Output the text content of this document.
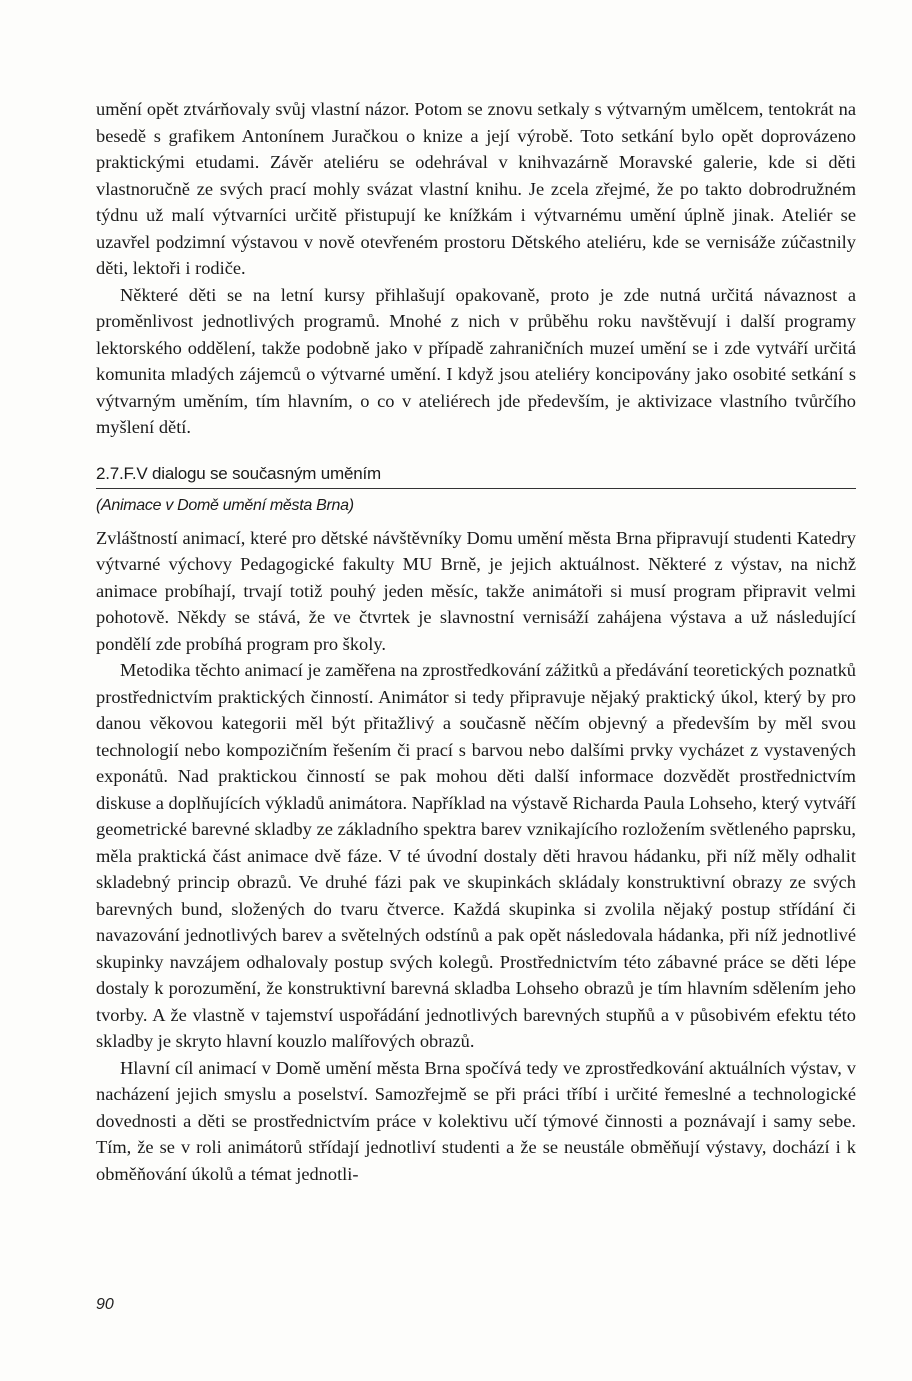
umění opět ztvárňovaly svůj vlastní názor. Potom se znovu setkaly s výtvarným umělcem, tentokrát na besedě s grafikem Antonínem Juračkou o knize a její výrobě. Toto setkání bylo opět doprovázeno praktickými etudami. Závěr ateliéru se odehrával v knihvazárně Moravské galerie, kde si děti vlastnoručně ze svých prací mohly svázat vlastní knihu. Je zcela zřejmé, že po takto dobrodružném týdnu už malí výtvarníci určitě přistupují ke knížkám i výtvarnému umění úplně jinak. Ateliér se uzavřel podzimní výstavou v nově otevřeném prostoru Dětského ateliéru, kde se vernisáže zúčastnily děti, lektoři i rodiče.

Některé děti se na letní kursy přihlašují opakovaně, proto je zde nutná určitá návaznost a proměnlivost jednotlivých programů. Mnohé z nich v průběhu roku navštěvují i další programy lektorského oddělení, takže podobně jako v případě zahraničních muzeí umění se i zde vytváří určitá komunita mladých zájemců o výtvarné umění. I když jsou ateliéry koncipovány jako osobité setkání s výtvarným uměním, tím hlavním, o co v ateliérech jde především, je aktivizace vlastního tvůrčího myšlení dětí.

2.7.F.V dialogu se současným uměním
(Animace v Domě umění města Brna)

Zvláštností animací, které pro dětské návštěvníky Domu umění města Brna připravují studenti Katedry výtvarné výchovy Pedagogické fakulty MU Brně, je jejich aktuálnost. Některé z výstav, na nichž animace probíhají, trvají totiž pouhý jeden měsíc, takže animátoři si musí program připravit velmi pohotově. Někdy se stává, že ve čtvrtek je slavnostní vernisáží zahájena výstava a už následující pondělí zde probíhá program pro školy.

Metodika těchto animací je zaměřena na zprostředkování zážitků a předávání teoretických poznatků prostřednictvím praktických činností. Animátor si tedy připravuje nějaký praktický úkol, který by pro danou věkovou kategorii měl být přitažlivý a současně něčím objevný a především by měl svou technologií nebo kompozičním řešením či prací s barvou nebo dalšími prvky vycházet z vystavených exponátů. Nad praktickou činností se pak mohou děti další informace dozvědět prostřednictvím diskuse a doplňujících výkladů animátora. Například na výstavě Richarda Paula Lohseho, který vytváří geometrické barevné skladby ze základního spektra barev vznikajícího rozložením světleného paprsku, měla praktická část animace dvě fáze. V té úvodní dostaly děti hravou hádanku, při níž měly odhalit skladebný princip obrazů. Ve druhé fázi pak ve skupinkách skládaly konstruktivní obrazy ze svých barevných bund, složených do tvaru čtverce. Každá skupinka si zvolila nějaký postup střídání či navazování jednotlivých barev a světelných odstínů a pak opět následovala hádanka, při níž jednotlivé skupinky navzájem odhalovaly postup svých kolegů. Prostřednictvím této zábavné práce se děti lépe dostaly k porozumění, že konstruktivní barevná skladba Lohseho obrazů je tím hlavním sdělením jeho tvorby. A že vlastně v tajemství uspořádání jednotlivých barevných stupňů a v působivém efektu této skladby je skryto hlavní kouzlo malířových obrazů.

Hlavní cíl animací v Domě umění města Brna spočívá tedy ve zprostředkování aktuálních výstav, v nacházení jejich smyslu a poselství. Samozřejmě se při práci tříbí i určité řemeslné a technologické dovednosti a děti se prostřednictvím práce v kolektivu učí týmové činnosti a poznávají i samy sebe. Tím, že se v roli animátorů střídají jednotliví studenti a že se neustále obměňují výstavy, dochází i k obměňování úkolů a témat jednotli-

90
